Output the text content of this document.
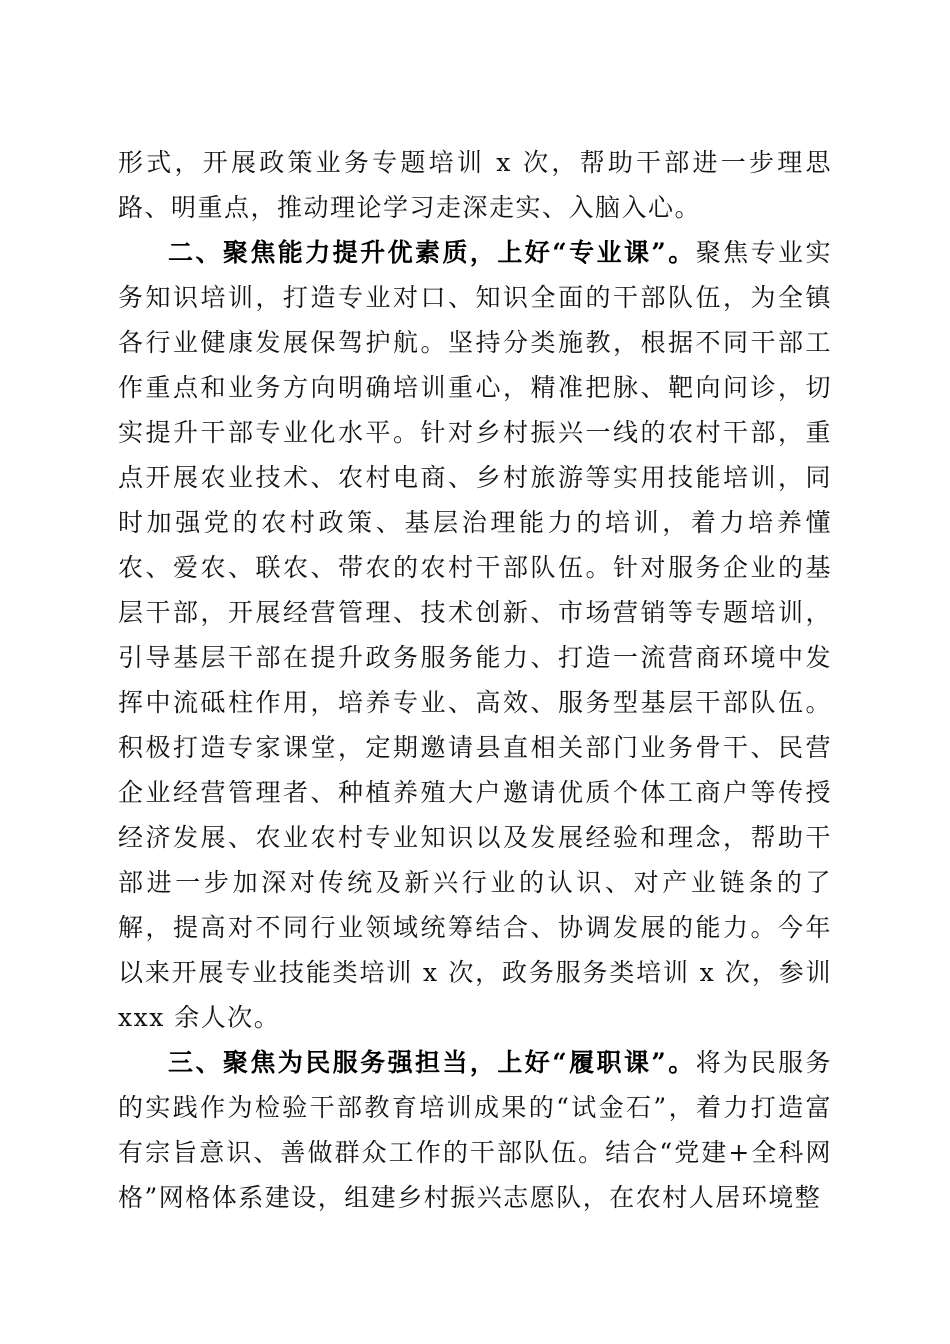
形式，开展政策业务专题培训 x 次，帮助干部进一步理思路、明重点，推动理论学习走深走实、入脑入心。

二、聚焦能力提升优素质，上好“专业课”。聚焦专业实务知识培训，打造专业对口、知识全面的干部队伍，为全镇各行业健康发展保驾护航。坚持分类施教，根据不同干部工作重点和业务方向明确培训重心，精准把脉、靶向问诊，切实提升干部专业化水平。针对乡村振兴一线的农村干部，重点开展农业技术、农村电商、乡村旅游等实用技能培训，同时加强党的农村政策、基层治理能力的培训，着力培养懂农、爱农、联农、带农的农村干部队伍。针对服务企业的基层干部，开展经营管理、技术创新、市场营销等专题培训，引导基层干部在提升政务服务能力、打造一流营商环境中发挥中流砥柱作用，培养专业、高效、服务型基层干部队伍。积极打造专家课堂，定期邀请县直相关部门业务骨干、民营企业经营管理者、种植养殖大户邀请优质个体工商户等传授经济发展、农业农村专业知识以及发展经验和理念，帮助干部进一步加深对传统及新兴行业的认识、对产业链条的了解，提高对不同行业领域统筹结合、协调发展的能力。今年以来开展专业技能类培训 x 次，政务服务类培训 x 次，参训 xxx 余人次。

三、聚焦为民服务强担当，上好“履职课”。将为民服务的实践作为检验干部教育培训成果的“试金石”，着力打造富有宗旨意识、善做群众工作的干部队伍。结合“党建+全科网格”网格体系建设，组建乡村振兴志愿队，在农村人居环境整
